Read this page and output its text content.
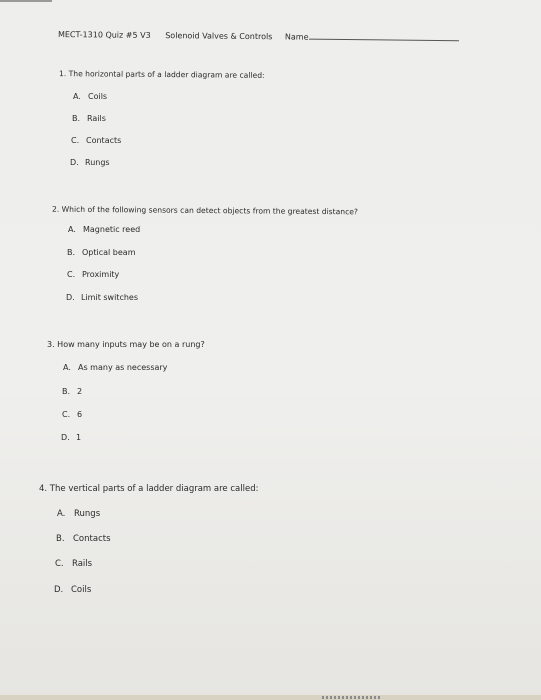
MECT-1310 Quiz #5 V3 Solenoid Valves & Controls Name
1. The horizontal parts of a ladder diagram are called:
A. Coils
B. Rails
C. Contacts
D. Rungs
2. Which of the following sensors can detect objects from the greatest distance?
A. Magnetic reed
B. Optical beam
C. Proximity
D. Limit switches
3. How many inputs may be on a rung?
A. As many as necessary
B. 2
C. 6
D. 1
4. The vertical parts of a ladder diagram are called:
A. Rungs
B. Contacts
C. Rails
D. Coils
